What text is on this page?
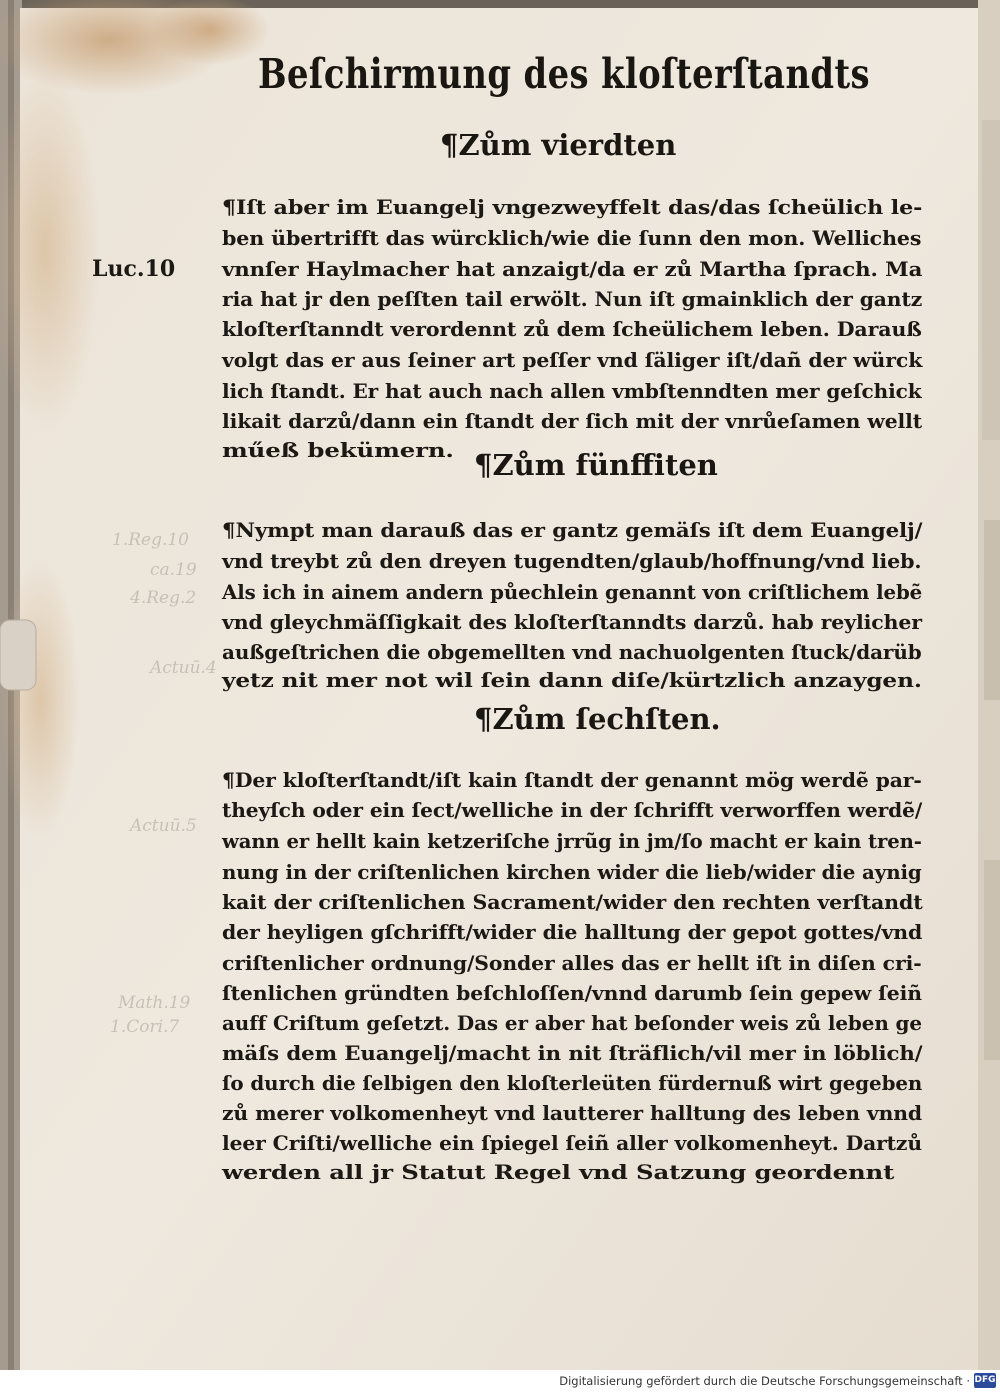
Beſchirmung des kloſterſtandts
1.Reg.10
ca.19
4.Reg.2
Actuū.4
Actuū.5
Math.19
1.Cori.7
Luc.10
¶Zům vierdten
¶Iſt aber im Euangelj vngezweyffelt das/das ſcheülich le-
ben übertrifft das würcklich/wie die ſunn den mon. Welliches
vnnſer Haylmacher hat anzaigt/da er zů Martha ſprach. Ma
ria hat jr den peſſten tail erwölt. Nun iſt gmainklich der gantz
kloſterſtanndt verordennt zů dem ſcheülichem leben. Darauß
volgt das er aus ſeiner art peſſer vnd ſäliger iſt/dañ der würck
lich ſtandt. Er hat auch nach allen vmbſtenndten mer geſchick
likait darzů/dann ein ſtandt der ſich mit der vnrůeſamen wellt
műeß bekümern. ¶Zům fünffiten
¶Nympt man darauß das er gantz gemäſs iſt dem Euangelj/
vnd treybt zů den dreyen tugendten/glaub/hoffnung/vnd lieb.
Als ich in ainem andern půechlein genannt von criſtlichem lebẽ
vnd gleychmäſſigkait des kloſterſtanndts darzů. hab reylicher
außgeſtrichen die obgemellten vnd nachuolgenten ſtuck/darüb
yetz nit mer not wil ſein dann diſe/kürtzlich anzaygen.
¶Zům ſechſten.
¶Der kloſterſtandt/iſt kain ſtandt der genannt mög werdẽ par-
theyſch oder ein ſect/welliche in der ſchrifft verworffen werdẽ/
wann er hellt kain ketzeriſche jrrũg in jm/ſo macht er kain tren-
nung in der criſtenlichen kirchen wider die lieb/wider die aynig
kait der criſtenlichen Sacrament/wider den rechten verſtandt
der heyligen gſchrifft/wider die halltung der gepot gottes/vnd
criſtenlicher ordnung/Sonder alles das er hellt iſt in diſen cri-
ſtenlichen gründten beſchloſſen/vnnd darumb ſein gepew ſeiñ
auff Criſtum geſetzt. Das er aber hat beſonder weis zů leben ge
mäſs dem Euangelj/macht in nit ſträflich/vil mer in löblich/
ſo durch die ſelbigen den kloſterleüten fürdernuß wirt gegeben
zů merer volkomenheyt vnd lautterer halltung des leben vnnd
leer Criſti/welliche ein ſpiegel ſeiñ aller volkomenheyt. Dartzů
werden all jr Statut Regel vnd Satzung geordennt
Digitalisierung gefördert durch die Deutsche Forschungsgemeinschaft · DFG
